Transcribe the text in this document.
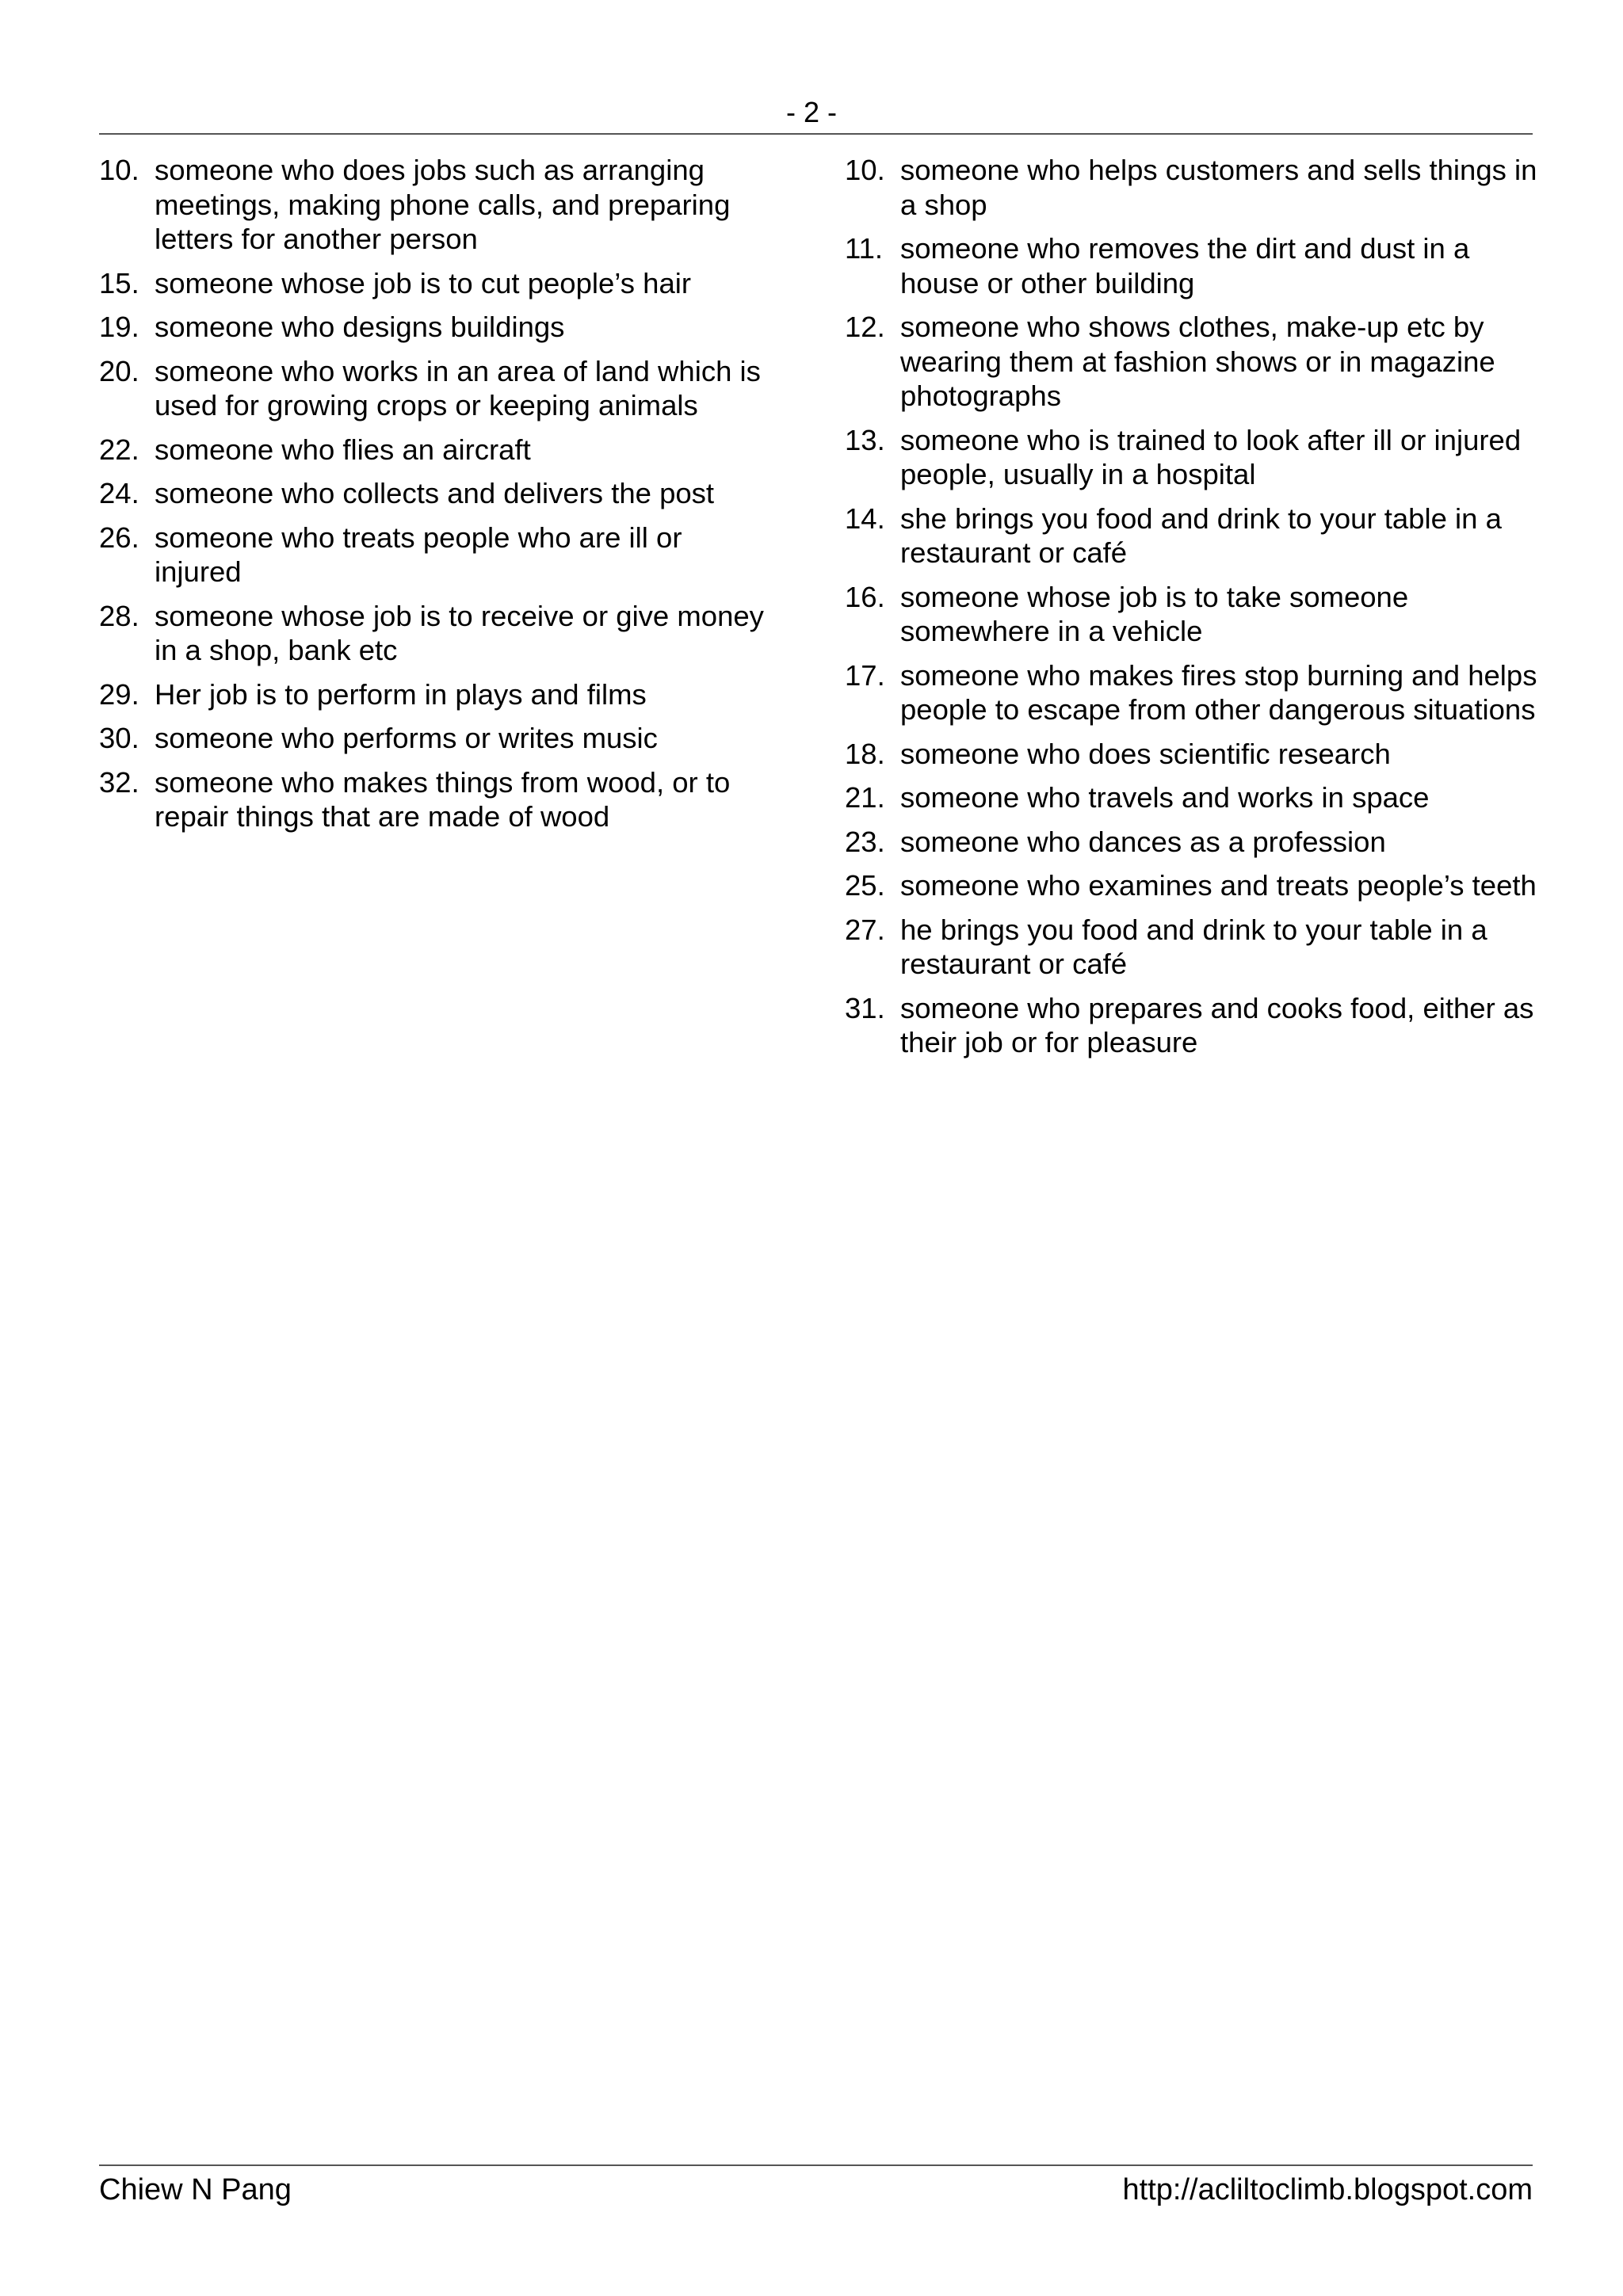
- 2 -
10. someone who does jobs such as arranging meetings, making phone calls, and preparing letters for another person
15. someone whose job is to cut people’s hair
19. someone who designs buildings
20. someone who works in an area of land which is used for growing crops or keeping animals
22. someone who flies an aircraft
24. someone who collects and delivers the post
26. someone who treats people who are ill or injured
28. someone whose job is to receive or give money in a shop, bank etc
29. Her job is to perform in plays and films
30. someone who performs or writes music
32. someone who makes things from wood, or to repair things that are made of wood
10. someone who helps customers and sells things in a shop
11. someone who removes the dirt and dust in a house or other building
12. someone who shows clothes, make-up etc by wearing them at fashion shows or in magazine photographs
13. someone who is trained to look after ill or injured people, usually in a hospital
14. she brings you food and drink to your table in a restaurant or café
16. someone whose job is to take someone somewhere in a vehicle
17. someone who makes fires stop burning and helps people to escape from other dangerous situations
18. someone who does scientific research
21. someone who travels and works in space
23. someone who dances as a profession
25. someone who examines and treats people’s teeth
27. he brings you food and drink to your table in a restaurant or café
31. someone who prepares and cooks food, either as their job or for pleasure
Chiew N Pang	http://acliltoclimb.blogspot.com
